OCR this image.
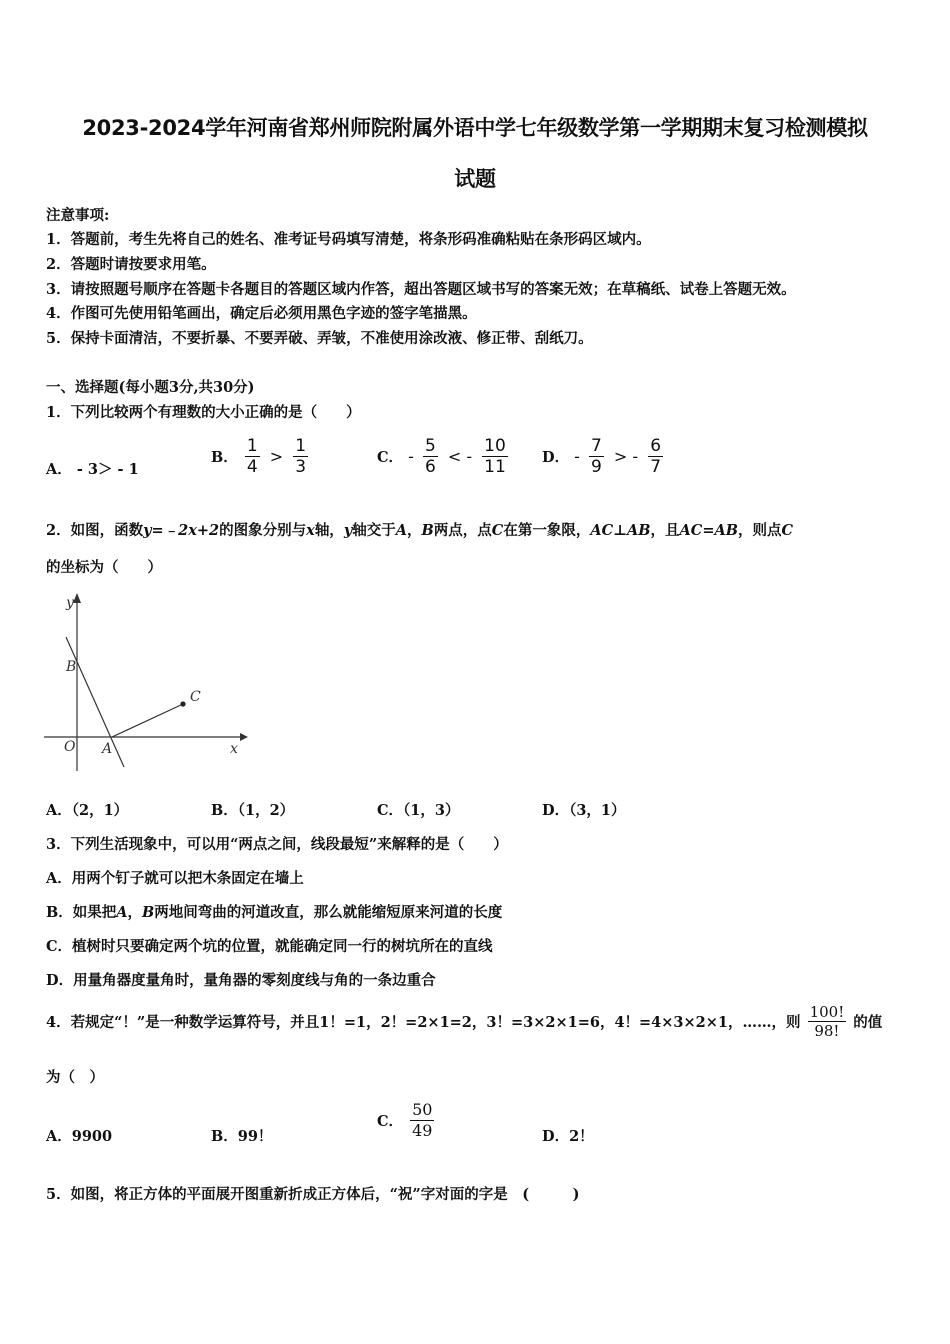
2023-2024学年河南省郑州师院附属外语中学七年级数学第一学期期末复习检测模拟
试题
注意事项:
1．答题前，考生先将自己的姓名、准考证号码填写清楚，将条形码准确粘贴在条形码区域内。
2．答题时请按要求用笔。
3．请按照题号顺序在答题卡各题目的答题区域内作答，超出答题区域书写的答案无效；在草稿纸、试卷上答题无效。
4．作图可先使用铅笔画出，确定后必须用黑色字迹的签字笔描黑。
5．保持卡面清洁，不要折暴、不要弄破、弄皱，不准使用涂改液、修正带、刮纸刀。
一、选择题(每小题3分,共30分)
1．下列比较两个有理数的大小正确的是（　　）
A． - 3＞ - 1
B． $\frac{1}{4} > \frac{1}{3}$	C． - $\frac{5}{6}$ < - $\frac{10}{11}$ D． - $\frac{7}{9}$ > - $\frac{6}{7}$
2．如图，函数y=﹣2x+2的图象分别与x轴，y轴交于A，B两点，点C在第一象限，AC⊥AB，且AC=AB，则点C
的坐标为（　　）
y
x
O A
B
C
A．（2，1）	B．（1，2）	C．（1，3）	D．（3，1）
3．下列生活现象中，可以用“两点之间，线段最短”来解释的是（　　）
A．用两个钉子就可以把木条固定在墙上
B．如果把A，B两地间弯曲的河道改直，那么就能缩短原来河道的长度
C．植树时只要确定两个坑的位置，就能确定同一行的树坑所在的直线
D．用量角器度量角时，量角器的零刻度线与角的一条边重合
4．若规定“！”是一种数学运算符号，并且1！=1，2！=2×1=2，3！=3×2×1=6，4！=4×3×2×1，……，则 $\frac{100!}{98!}$ 的值
为（　）
A．9900	B．99！
C． $\frac{50}{49}$	D．2！
5．如图，将正方体的平面展开图重新折成正方体后，“祝”字对面的字是　(　　　)
